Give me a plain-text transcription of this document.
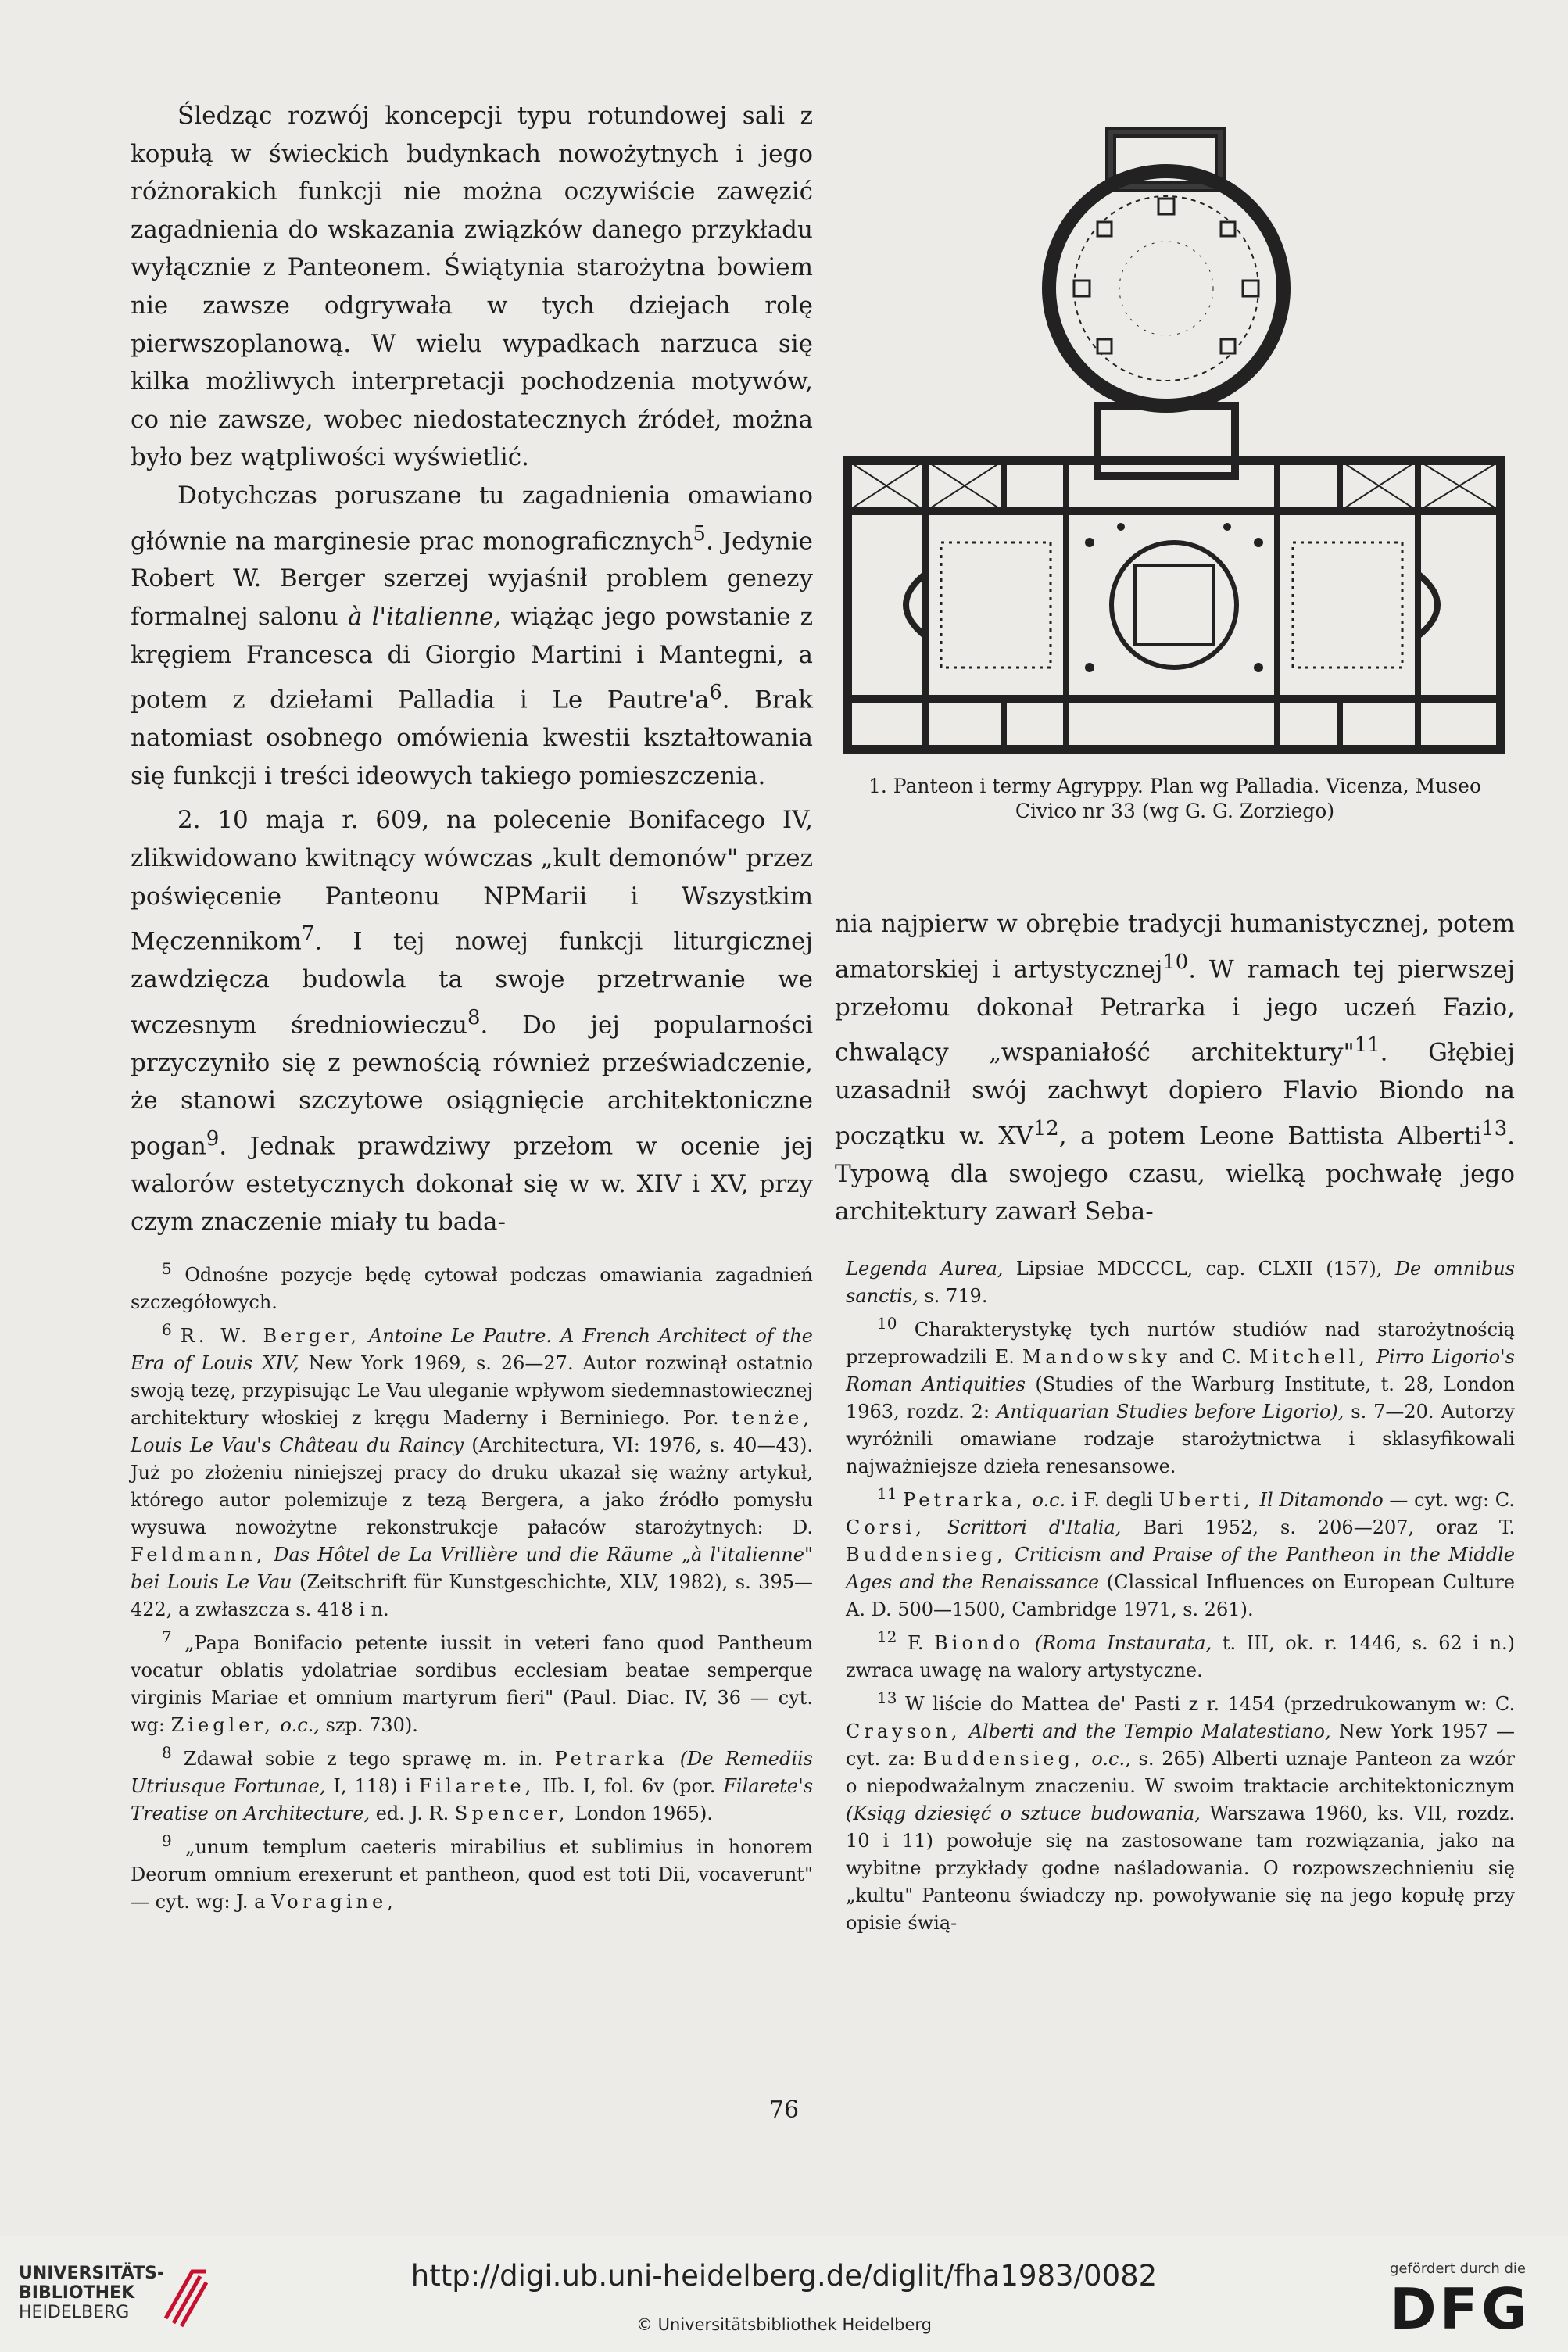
Śledząc rozwój koncepcji typu rotundowej sali z kopułą w świeckich budynkach nowożytnych i jego różnorakich funkcji nie można oczywiście zawęzić zagadnienia do wskazania związków danego przykładu wyłącznie z Panteonem. Świątynia starożytna bowiem nie zawsze odgrywała w tych dziejach rolę pierwszoplanową. W wielu wypadkach narzuca się kilka możliwych interpretacji pochodzenia motywów, co nie zawsze, wobec niedostatecznych źródeł, można było bez wątpliwości wyświetlić.

Dotychczas poruszane tu zagadnienia omawiano głównie na marginesie prac monograficznych$^5$. Jedynie Robert W. Berger szerzej wyjaśnił problem genezy formalnej salonu à l'italienne, wiążąc jego powstanie z kręgiem Francesca di Giorgio Martini i Mantegni, a potem z dziełami Palladia i Le $Pautre'a^6$. Brak natomiast osobnego omówienia kwestii kształtowania się funkcji i treści ideowych takiego pomieszczenia.

2. 10 maja r. 609, na polecenie Bonifacego IV, zlikwidowano kwitnący wówczas „kult demonów" przez poświęcenie Panteonu NPMarii i Wszystkim Męczennikom$^7$. I tej nowej funkcji liturgicznej zawdzięcza budowla ta swoje przetrwanie we wczesnym średniowieczu$^8$. Do jej popularności przyczyniło się z pewnością również przeświadczenie, że stanowi szczytowe osiągnięcie architektoniczne pogan$^9$. Jednak prawdziwy przełom w ocenie jej walorów estetycznych dokonał się w w. XIV i XV, przy czym znaczenie miały tu bada-

1. Panteon i termy Agryppy. Plan wg Palladia. Vicenza, Museo Civico nr 33 (wg G. G. Zorziego)

nia najpierw w obrębie tradycji humanistycznej, potem amatorskiej i artystycznej$^{10}$. W ramach tej pierwszej przełomu dokonał Petrarka i jego uczeń Fazio, chwalący „wspaniałość architektury"$^{11}$. Głębiej uzasadnił swój zachwyt dopiero Flavio Biondo na początku w. XV$^{12}$, a potem Leone Battista Alberti$^{13}$. Typową dla swojego czasu, wielką pochwałę jego architektury zawarł Seba-

$^5$ Odnośne pozycje będę cytował podczas omawiania zagadnień szczegółowych.

$^6$ R. W. Berger, Antoine Le Pautre. A French Architect of the Era of Louis XIV, New York 1969, s. 26—27. Autor rozwinął ostatnio swoją tezę, przypisując Le Vau uleganie wpływom siedemnastowiecznej architektury włoskiej z kręgu Maderny i Berniniego. Por. tenże, Louis Le Vau's Château du Raincy (Architectura, VI: 1976, s. 40—43). Już po złożeniu niniejszej pracy do druku ukazał się ważny artykuł, którego autor polemizuje z tezą Bergera, a jako źródło pomysłu wysuwa nowożytne rekonstrukcje pałaców starożytnych: D. Feldmann, Das Hôtel de La Vrillière und die Räume „à l'italienne" bei Louis Le Vau (Zeitschrift für Kunstgeschichte, XLV, 1982), s. 395—422, a zwłaszcza s. 418 i n.

$^7$ „Papa Bonifacio petente iussit in veteri fano quod Pantheum vocatur oblatis ydolatriae sordibus ecclesiam beatae semperque virginis Mariae et omnium martyrum fieri" (Paul. Diac. IV, 36 — cyt. wg: Ziegler, o.c., szp. 730).

$^8$ Zdawał sobie z tego sprawę m. in. Petrarka (De Remediis Utriusque Fortunae, I, 118) i Filarete, IIb. I, fol. 6v (por. Filarete's Treatise on Architecture, ed. J. R. Spencer, London 1965).

$^9$ „unum templum caeteris mirabilius et sublimius in honorem Deorum omnium erexerunt et pantheon, quod est toti Dii, vocaverunt" — cyt. wg: J. a Voragine,

Legenda Aurea, Lipsiae MDCCCL, cap. CLXII (157), De omnibus sanctis, s. 719.

$^{10}$ Charakterystykę tych nurtów studiów nad starożytnością przeprowadzili E. Mandowsky and C. Mitchell, Pirro Ligorio's Roman Antiquities (Studies of the Warburg Institute, t. 28, London 1963, rozdz. 2: Antiquarian Studies before Ligorio), s. 7—20. Autorzy wyróżnili omawiane rodzaje starożytnictwa i sklasyfikowali najważniejsze dzieła renesansowe.

$^{11}$ Petrarka, o.c. i F. degli Uberti, Il Ditamondo — cyt. wg: C. Corsi, Scrittori d'Italia, Bari 1952, s. 206—207, oraz T. Buddensieg, Criticism and Praise of the Pantheon in the Middle Ages and the Renaissance (Classical Influences on European Culture A. D. 500—1500, Cambridge 1971, s. 261).

$^{12}$ F. Biondo (Roma Instaurata, t. III, ok. r. 1446, s. 62 i n.) zwraca uwagę na walory artystyczne.

$^{13}$ W liście do Mattea de' Pasti z r. 1454 (przedrukowanym w: C. Crayson, Alberti and the Tempio Malatestiano, New York 1957 — cyt. za: Buddensieg, o.c., s. 265) Alberti uznaje Panteon za wzór o niepodważalnym znaczeniu. W swoim traktacie architektonicznym (Ksiąg dziesięć o sztuce budowania, Warszawa 1960, ks. VII, rozdz. 10 i 11) powołuje się na zastosowane tam rozwiązania, jako na wybitne przykłady godne naśladowania. O rozpowszechnieniu się „kultu" Panteonu świadczy np. powoływanie się na jego kopułę przy opisie świą-

76
UNIVERSITÄTS-
BIBLIOTHEK
HEIDELBERG
http://digi.ub.uni-heidelberg.de/diglit/fha1983/0082
© Universitätsbibliothek Heidelberg
gefördert durch die
DFG
